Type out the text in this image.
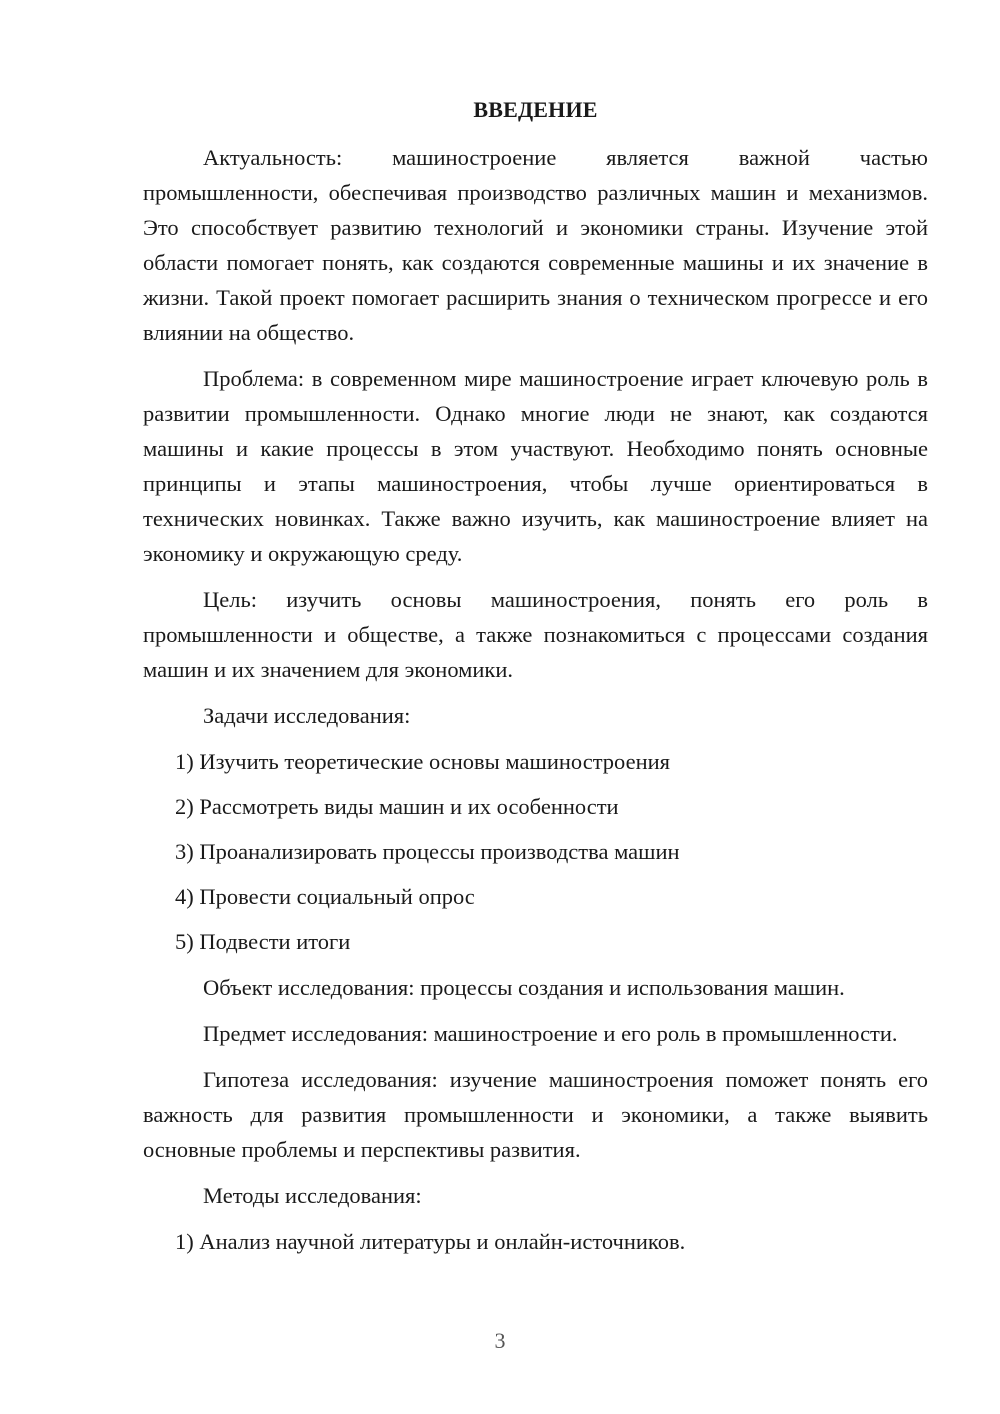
ВВЕДЕНИЕ

Актуальность: машиностроение является важной частью промышленности, обеспечивая производство различных машин и механизмов. Это способствует развитию технологий и экономики страны. Изучение этой области помогает понять, как создаются современные машины и их значение в жизни. Такой проект помогает расширить знания о техническом прогрессе и его влиянии на общество.

Проблема: в современном мире машиностроение играет ключевую роль в развитии промышленности. Однако многие люди не знают, как создаются машины и какие процессы в этом участвуют. Необходимо понять основные принципы и этапы машиностроения, чтобы лучше ориентироваться в технических новинках. Также важно изучить, как машиностроение влияет на экономику и окружающую среду.

Цель: изучить основы машиностроения, понять его роль в промышленности и обществе, а также познакомиться с процессами создания машин и их значением для экономики.

Задачи исследования:

1) Изучить теоретические основы машиностроения

2) Рассмотреть виды машин и их особенности

3) Проанализировать процессы производства машин

4) Провести социальный опрос

5) Подвести итоги

Объект исследования: процессы создания и использования машин.

Предмет исследования: машиностроение и его роль в промышленности.

Гипотеза исследования: изучение машиностроения поможет понять его важность для развития промышленности и экономики, а также выявить основные проблемы и перспективы развития.

Методы исследования:

1) Анализ научной литературы и онлайн-источников.

3
